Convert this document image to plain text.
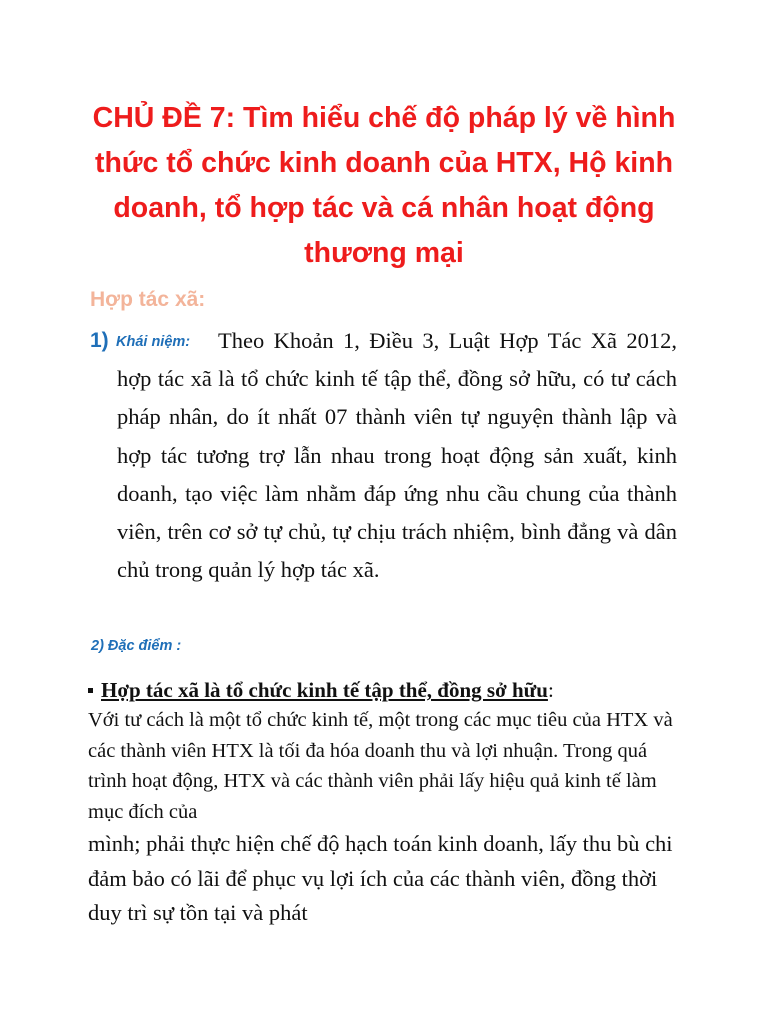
CHỦ ĐỀ 7: Tìm hiểu chế độ pháp lý về hình thức tổ chức kinh doanh của HTX, Hộ kinh doanh, tổ hợp tác và cá nhân hoạt động thương mại
Hợp tác xã:
1) Khái niệm:	Theo Khoản 1, Điều 3, Luật Hợp Tác Xã 2012, hợp tác xã là tổ chức kinh tế tập thể, đồng sở hữu, có tư cách pháp nhân, do ít nhất 07 thành viên tự nguyện thành lập và hợp tác tương trợ lẫn nhau trong hoạt động sản xuất, kinh doanh, tạo việc làm nhằm đáp ứng nhu cầu chung của thành viên, trên cơ sở tự chủ, tự chịu trách nhiệm, bình đẳng và dân chủ trong quản lý hợp tác xã.

2) Đặc điểm :
Hợp tác xã là tổ chức kinh tế tập thể, đồng sở hữu:

Với tư cách là một tổ chức kinh tế, một trong các mục tiêu của HTX và các thành viên HTX là tối đa hóa doanh thu và lợi nhuận. Trong quá trình hoạt động, HTX và các thành viên phải lấy hiệu quả kinh tế làm mục đích của

mình; phải thực hiện chế độ hạch toán kinh doanh, lấy thu bù chi đảm bảo có lãi để phục vụ lợi ích của các thành viên, đồng thời duy trì sự tồn tại và phát
